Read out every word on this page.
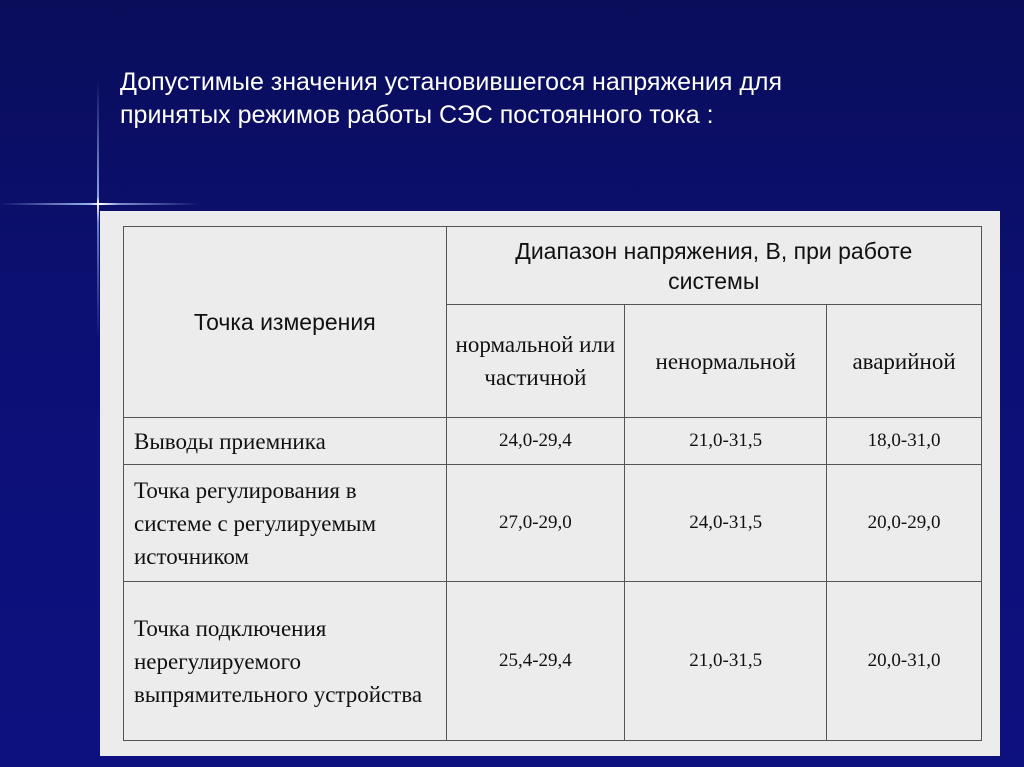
Допустимые значения установившегося напряжения для
принятых режимов работы СЭС постоянного тока :
Точка измерения	Диапазон напряжения, В, при работе системы		
	нормальной или частичной	ненормальной	аварийной
Выводы приемника	24,0-29,4	21,0-31,5	18,0-31,0
Точка регулирования в системе с регулируемым источником	27,0-29,0	24,0-31,5	20,0-29,0
Точка подключения нерегулируемого выпрямительного устройства	25,4-29,4	21,0-31,5	20,0-31,0
